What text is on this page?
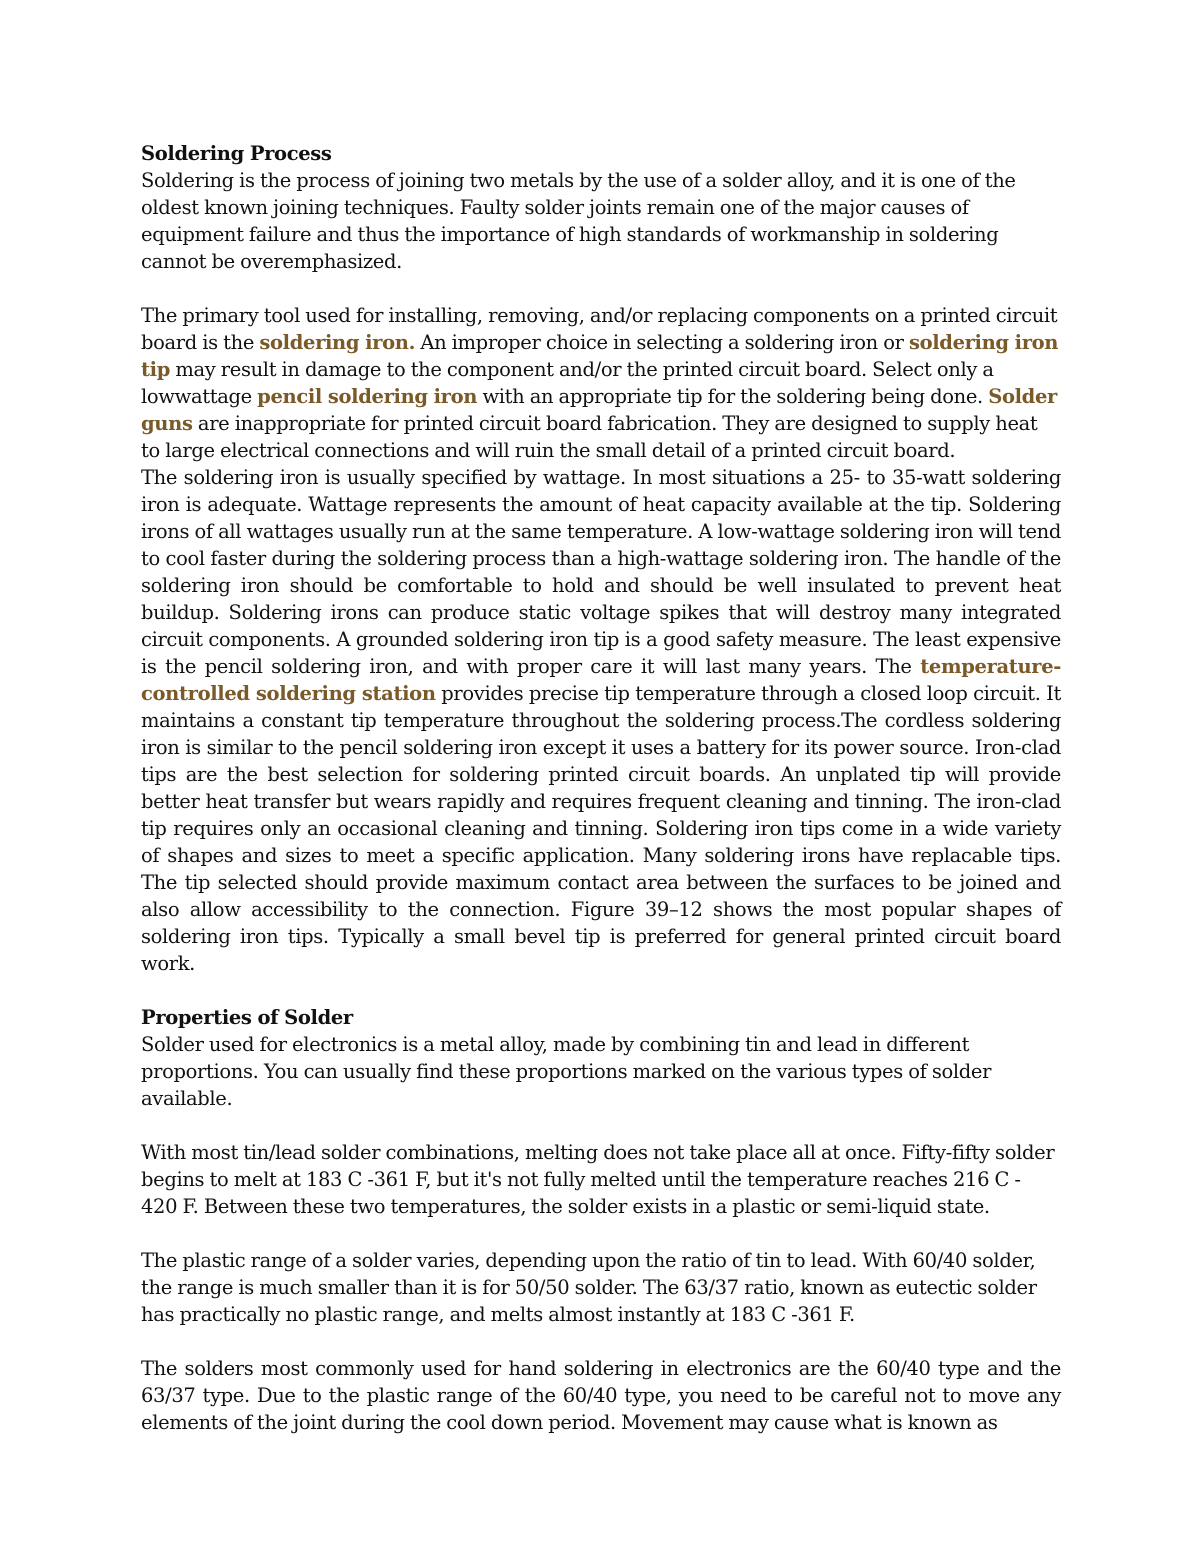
Soldering Process

Soldering is the process of joining two metals by the use of a solder alloy, and it is one of the oldest known joining techniques. Faulty solder joints remain one of the major causes of equipment failure and thus the importance of high standards of workmanship in soldering cannot be overemphasized.

The primary tool used for installing, removing, and/or replacing components on a printed circuit board is the soldering iron. An improper choice in selecting a soldering iron or soldering iron tip may result in damage to the component and/or the printed circuit board. Select only a lowwattage pencil soldering iron with an appropriate tip for the soldering being done. Solder guns are inappropriate for printed circuit board fabrication. They are designed to supply heat to large electrical connections and will ruin the small detail of a printed circuit board.

The soldering iron is usually specified by wattage. In most situations a 25- to 35-watt soldering iron is adequate. Wattage represents the amount of heat capacity available at the tip. Soldering irons of all wattages usually run at the same temperature. A low-wattage soldering iron will tend to cool faster during the soldering process than a high-wattage soldering iron. The handle of the soldering iron should be comfortable to hold and should be well insulated to prevent heat buildup. Soldering irons can produce static voltage spikes that will destroy many integrated circuit components. A grounded soldering iron tip is a good safety measure. The least expensive is the pencil soldering iron, and with proper care it will last many years. The temperature-controlled soldering station provides precise tip temperature through a closed loop circuit. It maintains a constant tip temperature throughout the soldering process.The cordless soldering iron is similar to the pencil soldering iron except it uses a battery for its power source. Iron-clad tips are the best selection for soldering printed circuit boards. An unplated tip will provide better heat transfer but wears rapidly and requires frequent cleaning and tinning. The iron-clad tip requires only an occasional cleaning and tinning. Soldering iron tips come in a wide variety of shapes and sizes to meet a specific application. Many soldering irons have replacable tips. The tip selected should provide maximum contact area between the surfaces to be joined and also allow accessibility to the connection. Figure 39–12 shows the most popular shapes of soldering iron tips. Typically a small bevel tip is preferred for general printed circuit board work.

Properties of Solder

Solder used for electronics is a metal alloy, made by combining tin and lead in different proportions. You can usually find these proportions marked on the various types of solder available.

With most tin/lead solder combinations, melting does not take place all at once. Fifty-fifty solder begins to melt at 183 C -361 F, but it's not fully melted until the temperature reaches 216 C - 420 F. Between these two temperatures, the solder exists in a plastic or semi-liquid state.

The plastic range of a solder varies, depending upon the ratio of tin to lead. With 60/40 solder, the range is much smaller than it is for 50/50 solder. The 63/37 ratio, known as eutectic solder has practically no plastic range, and melts almost instantly at 183 C -361 F.

The solders most commonly used for hand soldering in electronics are the 60/40 type and the 63/37 type. Due to the plastic range of the 60/40 type, you need to be careful not to move any elements of the joint during the cool down period. Movement may cause what is known as
